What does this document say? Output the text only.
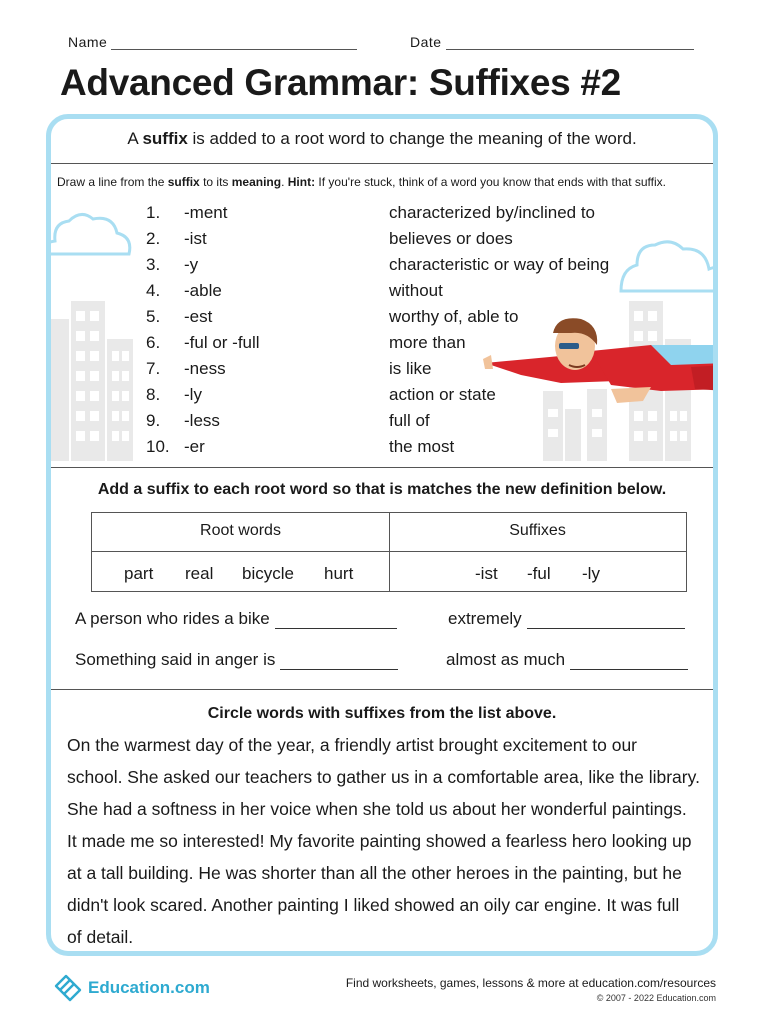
Name	Date
Advanced Grammar: Suffixes #2
A suffix is added to a root word to change the meaning of the word.
Draw a line from the suffix to its meaning. Hint: If you're stuck, think of a word you know that ends with that suffix.
1. -ment	characterized by/inclined to
2. -ist	believes or does
3. -y	characteristic or way of being
4. -able	without
5. -est	worthy of, able to
6. -ful or -full	more than
7. -ness	is like
8. -ly	action or state
9. -less	full of
10. -er	the most
Add a suffix to each root word so that is matches the new definition below.
Root words	Suffixes
part real bicycle hurt	-ist -ful -ly
A person who rides a bike	extremely
Something said in anger is	almost as much
Circle words with suffixes from the list above.
On the warmest day of the year, a friendly artist brought excitement to our
school. She asked our teachers to gather us in a comfortable area, like the library.
She had a softness in her voice when she told us about her wonderful paintings.
It made me so interested! My favorite painting showed a fearless hero looking up
at a tall building. He was shorter than all the other heroes in the painting, but he
didn't look scared. Another painting I liked showed an oily car engine. It was full
of detail.
Education.com	Find worksheets, games, lessons & more at education.com/resources
© 2007 - 2022 Education.com
